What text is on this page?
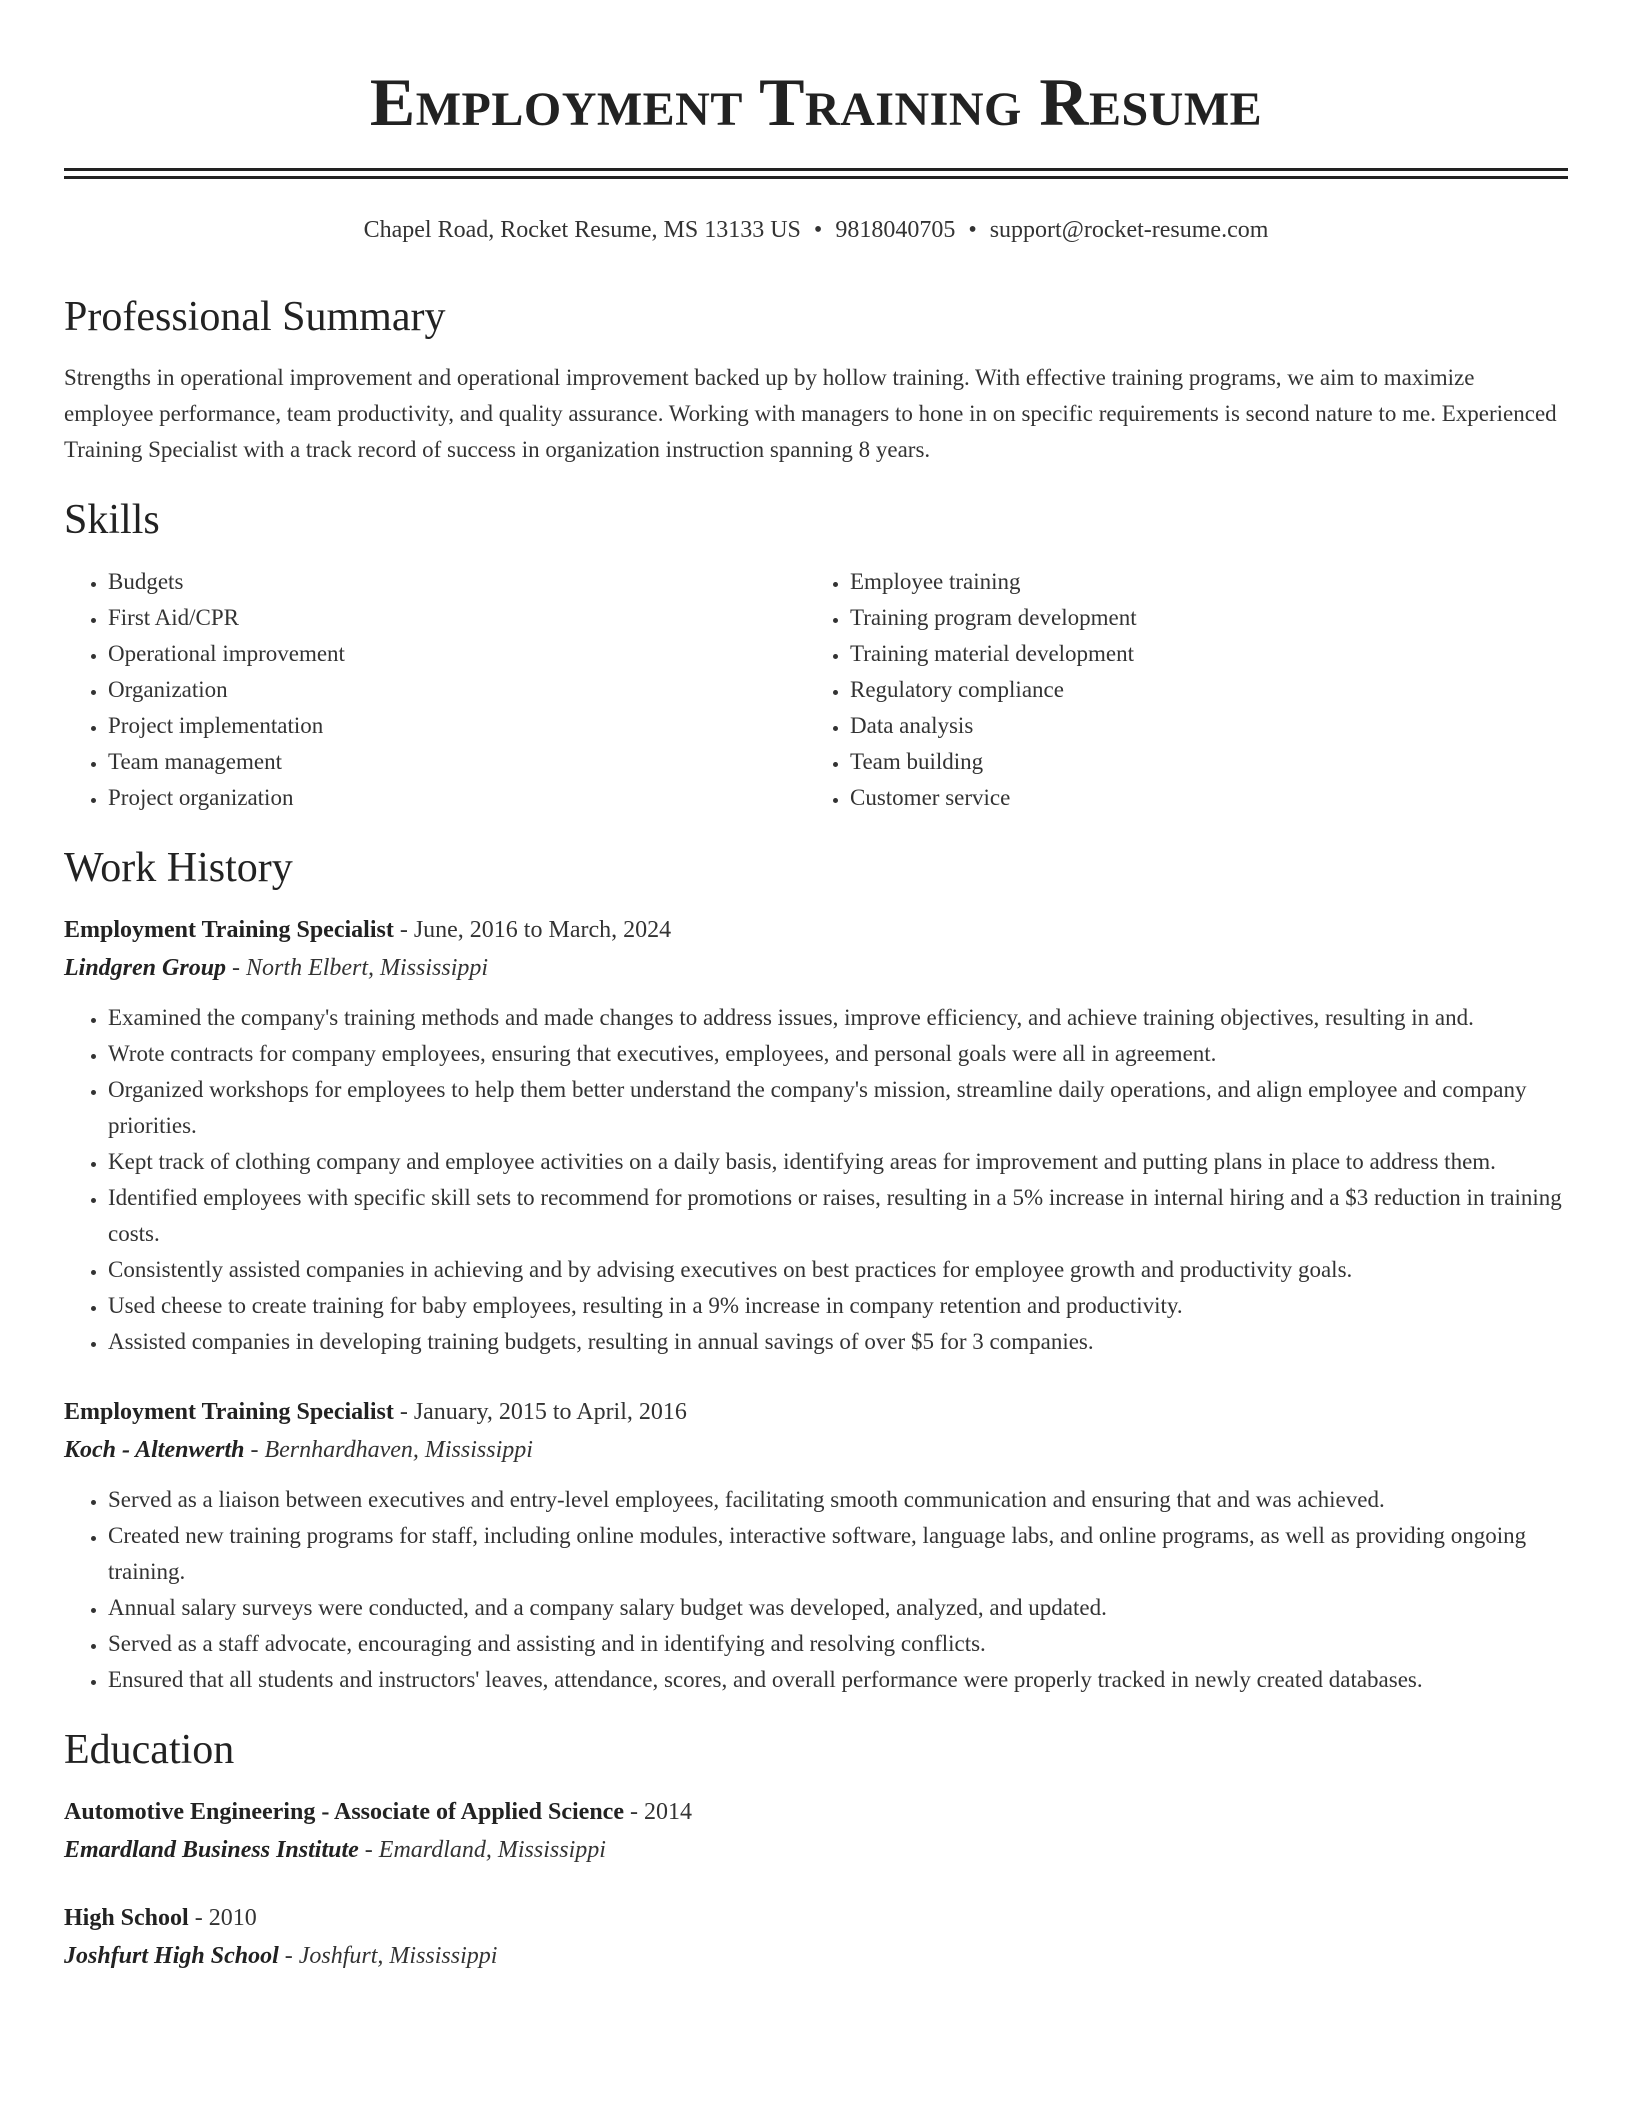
Employment Training Resume
Chapel Road, Rocket Resume, MS 13133 US • 9818040705 • support@rocket-resume.com
Professional Summary

Strengths in operational improvement and operational improvement backed up by hollow training. With effective training programs, we aim to maximize employee performance, team productivity, and quality assurance. Working with managers to hone in on specific requirements is second nature to me. Experienced Training Specialist with a track record of success in organization instruction spanning 8 years.

Skills
• Budgets
• First Aid/CPR
• Operational improvement
• Organization
• Project implementation
• Team management
• Project organization
• Employee training
• Training program development
• Training material development
• Regulatory compliance
• Data analysis
• Team building
• Customer service
Work History
Employment Training Specialist - June, 2016 to March, 2024
Lindgren Group - North Elbert, Mississippi
• Examined the company's training methods and made changes to address issues, improve efficiency, and achieve training objectives, resulting in and.
• Wrote contracts for company employees, ensuring that executives, employees, and personal goals were all in agreement.
• Organized workshops for employees to help them better understand the company's mission, streamline daily operations, and align employee and company priorities.
• Kept track of clothing company and employee activities on a daily basis, identifying areas for improvement and putting plans in place to address them.
• Identified employees with specific skill sets to recommend for promotions or raises, resulting in a 5% increase in internal hiring and a $3 reduction in training costs.
• Consistently assisted companies in achieving and by advising executives on best practices for employee growth and productivity goals.
• Used cheese to create training for baby employees, resulting in a 9% increase in company retention and productivity.
• Assisted companies in developing training budgets, resulting in annual savings of over $5 for 3 companies.
Employment Training Specialist - January, 2015 to April, 2016
Koch - Altenwerth - Bernhardhaven, Mississippi
• Served as a liaison between executives and entry-level employees, facilitating smooth communication and ensuring that and was achieved.
• Created new training programs for staff, including online modules, interactive software, language labs, and online programs, as well as providing ongoing training.
• Annual salary surveys were conducted, and a company salary budget was developed, analyzed, and updated.
• Served as a staff advocate, encouraging and assisting and in identifying and resolving conflicts.
• Ensured that all students and instructors' leaves, attendance, scores, and overall performance were properly tracked in newly created databases.
Education
Automotive Engineering - Associate of Applied Science - 2014
Emardland Business Institute - Emardland, Mississippi
High School - 2010
Joshfurt High School - Joshfurt, Mississippi
